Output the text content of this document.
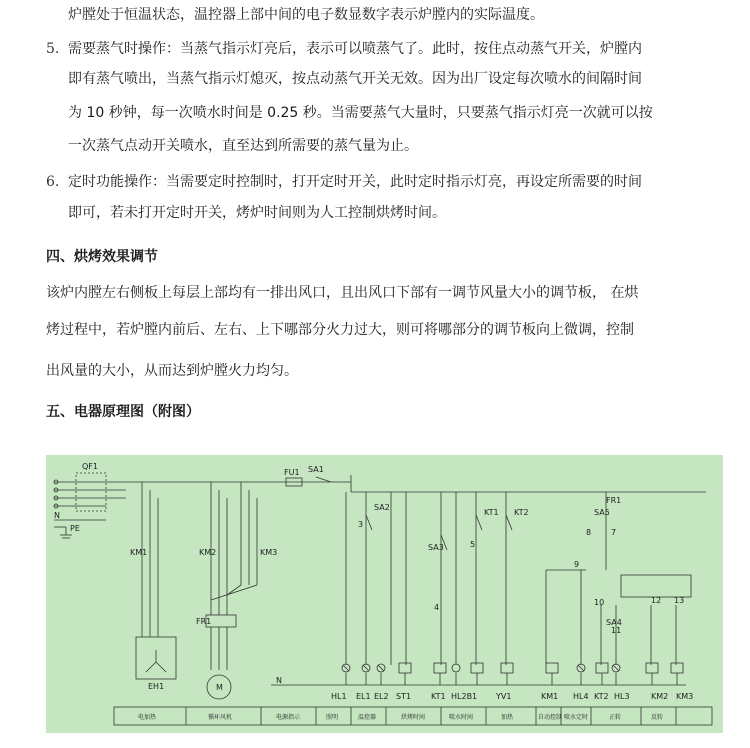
炉膛处于恒温状态，温控器上部中间的电子数显数字表示炉膛内的实际温度。
5. 需要蒸气时操作：当蒸气指示灯亮后，表示可以喷蒸气了。此时，按住点动蒸气开关，炉膛内
即有蒸气喷出，当蒸气指示灯熄灭，按点动蒸气开关无效。因为出厂设定每次喷水的间隔时间
为 10 秒钟，每一次喷水时间是 0.25 秒。当需要蒸气大量时，只要蒸气指示灯亮一次就可以按
一次蒸气点动开关喷水，直至达到所需要的蒸气量为止。
6. 定时功能操作：当需要定时控制时，打开定时开关，此时定时指示灯亮，再设定所需要的时间
即可，若未打开定时开关，烤炉时间则为人工控制烘烤时间。
四、烘烤效果调节
该炉内膛左右侧板上每层上部均有一排出风口，且出风口下部有一调节风量大小的调节板， 在烘
烤过程中，若炉膛内前后、左右、上下哪部分火力过大，则可将哪部分的调节板向上微调，控制
出风量的大小，从而达到炉膛火力均匀。
五、电器原理图（附图）
QF1
FU1 SA1
N
PE
KM1	KM2	KM3
FR1
EH1	M
N
SA2
SA3
KT1 KT2
SA4
SA5
FR1
3
5
4
8 7
9
10
11
12 13
HL1 EL1 EL2 ST1 KT1 HL2B1 YV1	KM1 HL4 KT2 HL3	KM2 KM3
电加热	循环风机	电源指示	照明	温控器	烘烤时间	喷水时间	加热	自动控制 喷水定时	正转	反转
